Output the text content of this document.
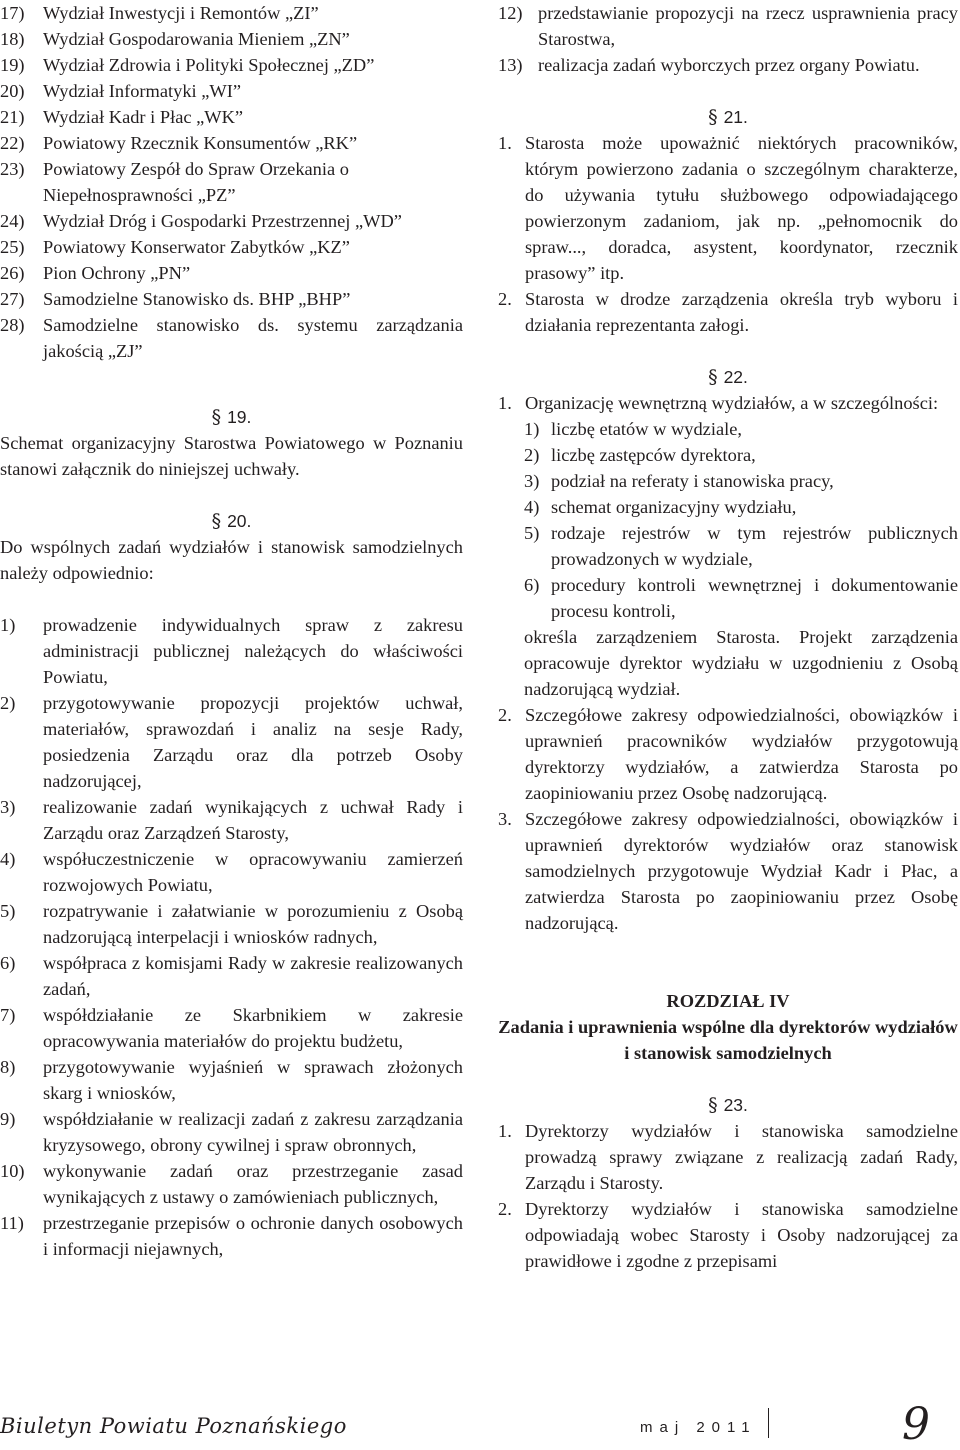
17)	Wydział Inwestycji i Remontów „ZI”
18)	Wydział Gospodarowania Mieniem „ZN”
19)	Wydział Zdrowia i Polityki Społecznej „ZD”
20)	Wydział Informatyki „WI”
21)	Wydział Kadr i Płac „WK”
22)	Powiatowy Rzecznik Konsumentów „RK”
23)	Powiatowy Zespół do Spraw Orzekania o Niepełnosprawności „PZ”
24)	Wydział Dróg i Gospodarki Przestrzennej „WD”
25)	Powiatowy Konserwator Zabytków „KZ”
26)	Pion Ochrony „PN”
27)	Samodzielne Stanowisko ds. BHP „BHP”
28)	Samodzielne stanowisko ds. systemu zarządzania jakością „ZJ”
§ 19.
Schemat organizacyjny Starostwa Powiatowego w Poznaniu stanowi załącznik do niniejszej uchwały.
§ 20.
Do wspólnych zadań wydziałów i stanowisk samodzielnych należy odpowiednio:
1)	prowadzenie indywidualnych spraw z zakresu administracji publicznej należących do właściwości Powiatu,
2)	przygotowywanie propozycji projektów uchwał, materiałów, sprawozdań i analiz na sesje Rady, posiedzenia Zarządu oraz dla potrzeb Osoby nadzorującej,
3)	realizowanie zadań wynikających z uchwał Rady i Zarządu oraz Zarządzeń Starosty,
4)	współuczestniczenie w opracowywaniu zamierzeń rozwojowych Powiatu,
5)	rozpatrywanie i załatwianie w porozumieniu z Osobą nadzorującą interpelacji i wniosków radnych,
6)	współpraca z komisjami Rady w zakresie realizowanych zadań,
7)	współdziałanie ze Skarbnikiem w zakresie opracowywania materiałów do projektu budżetu,
8)	przygotowywanie wyjaśnień w sprawach złożonych skarg i wniosków,
9)	współdziałanie w realizacji zadań z zakresu zarządzania kryzysowego, obrony cywilnej i spraw obronnych,
10)	wykonywanie zadań oraz przestrzeganie zasad wynikających z ustawy o zamówieniach publicznych,
11)	przestrzeganie przepisów o ochronie danych osobowych i informacji niejawnych,
12) przedstawianie propozycji na rzecz usprawnienia pracy Starostwa,
13) realizacja zadań wyborczych przez organy Powiatu.
§ 21.
1. Starosta może upoważnić niektórych pracowników, którym powierzono zadania o szczególnym charakterze, do używania tytułu służbowego odpowiadającego powierzonym zadaniom, jak np. „pełnomocnik do spraw..., doradca, asystent, koordynator, rzecznik prasowy” itp.
2. Starosta w drodze zarządzenia określa tryb wyboru i działania reprezentanta załogi.
§ 22.
1. Organizację wewnętrzną wydziałów, a w szczególności:
1) liczbę etatów w wydziale,
2) liczbę zastępców dyrektora,
3) podział na referaty i stanowiska pracy,
4) schemat organizacyjny wydziału,
5) rodzaje rejestrów w tym rejestrów publicznych prowadzonych w wydziale,
6) procedury kontroli wewnętrznej i dokumentowanie procesu kontroli,
określa zarządzeniem Starosta. Projekt zarządzenia opracowuje dyrektor wydziału w uzgodnieniu z Osobą nadzorującą wydział.
2. Szczegółowe zakresy odpowiedzialności, obowiązków i uprawnień pracowników wydziałów przygotowują dyrektorzy wydziałów, a zatwierdza Starosta po zaopiniowaniu przez Osobę nadzorującą.
3. Szczegółowe zakresy odpowiedzialności, obowiązków i uprawnień dyrektorów wydziałów oraz stanowisk samodzielnych przygotowuje Wydział Kadr i Płac, a zatwierdza Starosta po zaopiniowaniu przez Osobę nadzorującą.
ROZDZIAŁ IV
Zadania i uprawnienia wspólne dla dyrektorów wydziałów i stanowisk samodzielnych
§ 23.
1. Dyrektorzy wydziałów i stanowiska samodzielne prowadzą sprawy związane z realizacją zadań Rady, Zarządu i Starosty.
2. Dyrektorzy wydziałów i stanowiska samodzielne odpowiadają wobec Starosty i Osoby nadzorującej za prawidłowe i zgodne z przepisami
Biuletyn Powiatu Poznańskiego	maj 2011	9
